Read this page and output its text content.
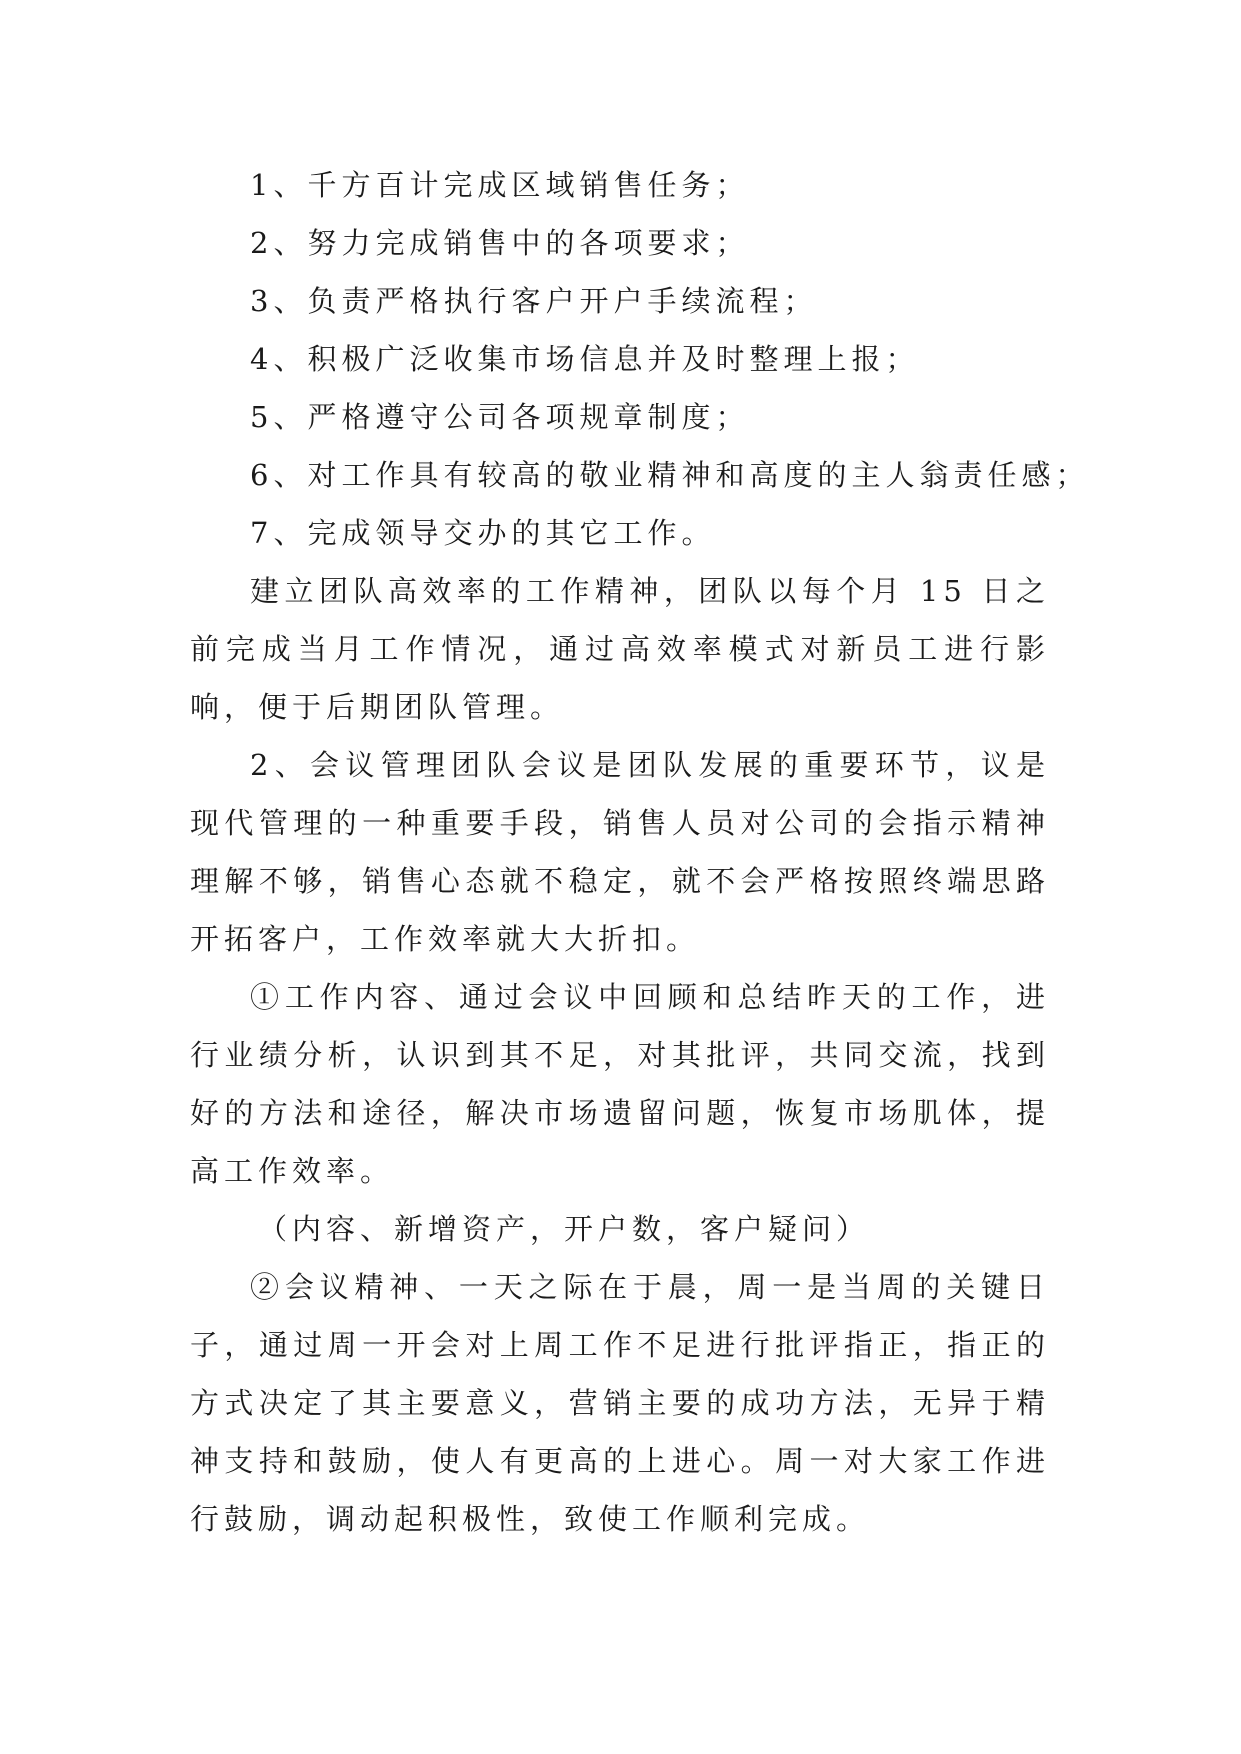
1、千方百计完成区域销售任务；

2、努力完成销售中的各项要求；

3、负责严格执行客户开户手续流程；

4、积极广泛收集市场信息并及时整理上报；

5、严格遵守公司各项规章制度；

6、对工作具有较高的敬业精神和高度的主人翁责任感；

7、完成领导交办的其它工作。

建立团队高效率的工作精神，团队以每个月 15 日之前完成当月工作情况，通过高效率模式对新员工进行影响，便于后期团队管理。

2、会议管理团队会议是团队发展的重要环节，议是现代管理的一种重要手段，销售人员对公司的会指示精神理解不够，销售心态就不稳定，就不会严格按照终端思路开拓客户，工作效率就大大折扣。

①工作内容、通过会议中回顾和总结昨天的工作，进行业绩分析，认识到其不足，对其批评，共同交流，找到好的方法和途径，解决市场遗留问题，恢复市场肌体，提高工作效率。

（内容、新增资产，开户数，客户疑问）

②会议精神、一天之际在于晨，周一是当周的关键日子，通过周一开会对上周工作不足进行批评指正，指正的方式决定了其主要意义，营销主要的成功方法，无异于精神支持和鼓励，使人有更高的上进心。周一对大家工作进行鼓励，调动起积极性，致使工作顺利完成。
